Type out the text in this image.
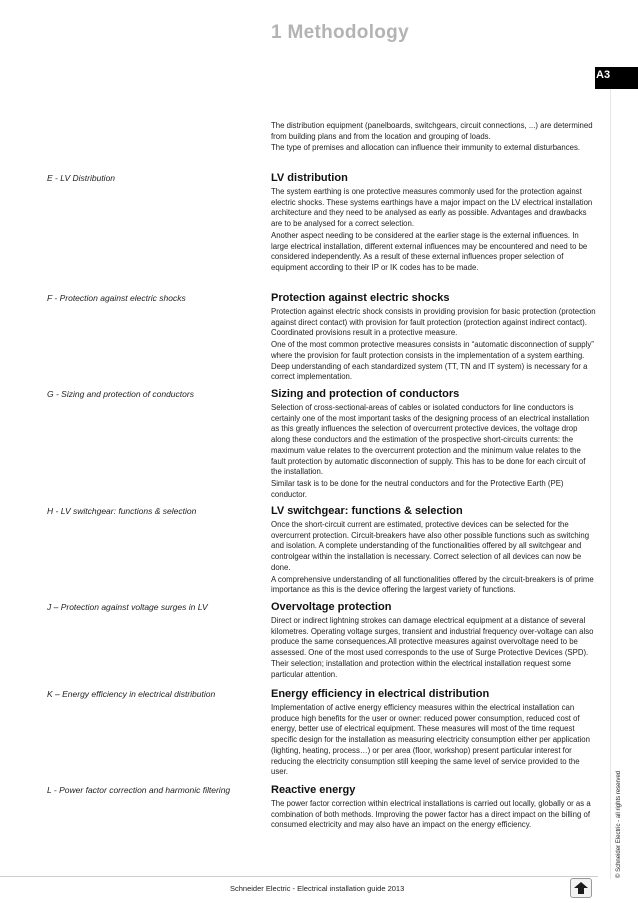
1 Methodology
A3
© Schneider Electric - all rights reserved

The distribution equipment (panelboards, switchgears, circuit connections, ...) are determined from building plans and from the location and grouping of loads.

The type of premises and allocation can influence their immunity to external disturbances.

E - LV Distribution	LV distribution

The system earthing is one protective measures commonly used for the protection against electric shocks. These systems earthings have a major impact on the LV electrical installation architecture and they need to be analysed as early as possible. Advantages and drawbacks are to be analysed for a correct selection.

Another aspect needing to be considered at the earlier stage is the external influences. In large electrical installation, different external influences may be encountered and need to be considered independently. As a result of these external influences proper selection of equipment according to their IP or IK codes has to be made.

F - Protection against electric shocks	Protection against electric shocks

Protection against electric shock consists in providing provision for basic protection (protection against direct contact) with provision for fault protection (protection against indirect contact). Coordinated provisions result in a protective measure.

One of the most common protective measures consists in “automatic disconnection of supply” where the provision for fault protection consists in the implementation of a system earthing. Deep understanding of each standardized system (TT, TN and IT system) is necessary for a correct implementation.

G - Sizing and protection of conductors	Sizing and protection of conductors

Selection of cross-sectional-areas of cables or isolated conductors for line conductors is certainly one of the most important tasks of the designing process of an electrical installation as this greatly influences the selection of overcurrent protective devices, the voltage drop along these conductors and the estimation of the prospective short-circuits currents: the maximum value relates to the overcurrent protection and the minimum value relates to the fault protection by automatic disconnection of supply. This has to be done for each circuit of the installation.

Similar task is to be done for the neutral conductors and for the Protective Earth (PE) conductor.

H - LV switchgear: functions & selection	LV switchgear: functions & selection

Once the short-circuit current are estimated, protective devices can be selected for the overcurrent protection. Circuit-breakers have also other possible functions such as switching and isolation. A complete understanding of the functionalities offered by all switchgear and controlgear within the installation is necessary. Correct selection of all devices can now be done.

A comprehensive understanding of all functionalities offered by the circuit-breakers is of prime importance as this is the device offering the largest variety of functions.

J – Protection against voltage surges in LV	Overvoltage protection

Direct or indirect lightning strokes can damage electrical equipment at a distance of several kilometres. Operating voltage surges, transient and industrial frequency over-voltage can also produce the same consequences.All protective measures against overvoltage need to be assessed. One of the most used corresponds to the use of Surge Protective Devices (SPD). Their selection; installation and protection within the electrical installation request some particular attention.

K – Energy efficiency in electrical distribution	Energy efficiency in electrical distribution

Implementation of active energy efficiency measures within the electrical installation can produce high benefits for the user or owner: reduced power consumption, reduced cost of energy, better use of electrical equipment. These measures will most of the time request specific design for the installation as measuring electricity consumption either per application (lighting, heating, process…) or per area (floor, workshop) present particular interest for reducing the electricity consumption still keeping the same level of service provided to the user.

L - Power factor correction and harmonic filtering	Reactive energy

The power factor correction within electrical installations is carried out locally, globally or as a combination of both methods. Improving the power factor has a direct impact on the billing of consumed electricity and may also have an impact on the energy efficiency.

Schneider Electric - Electrical installation guide 2013
